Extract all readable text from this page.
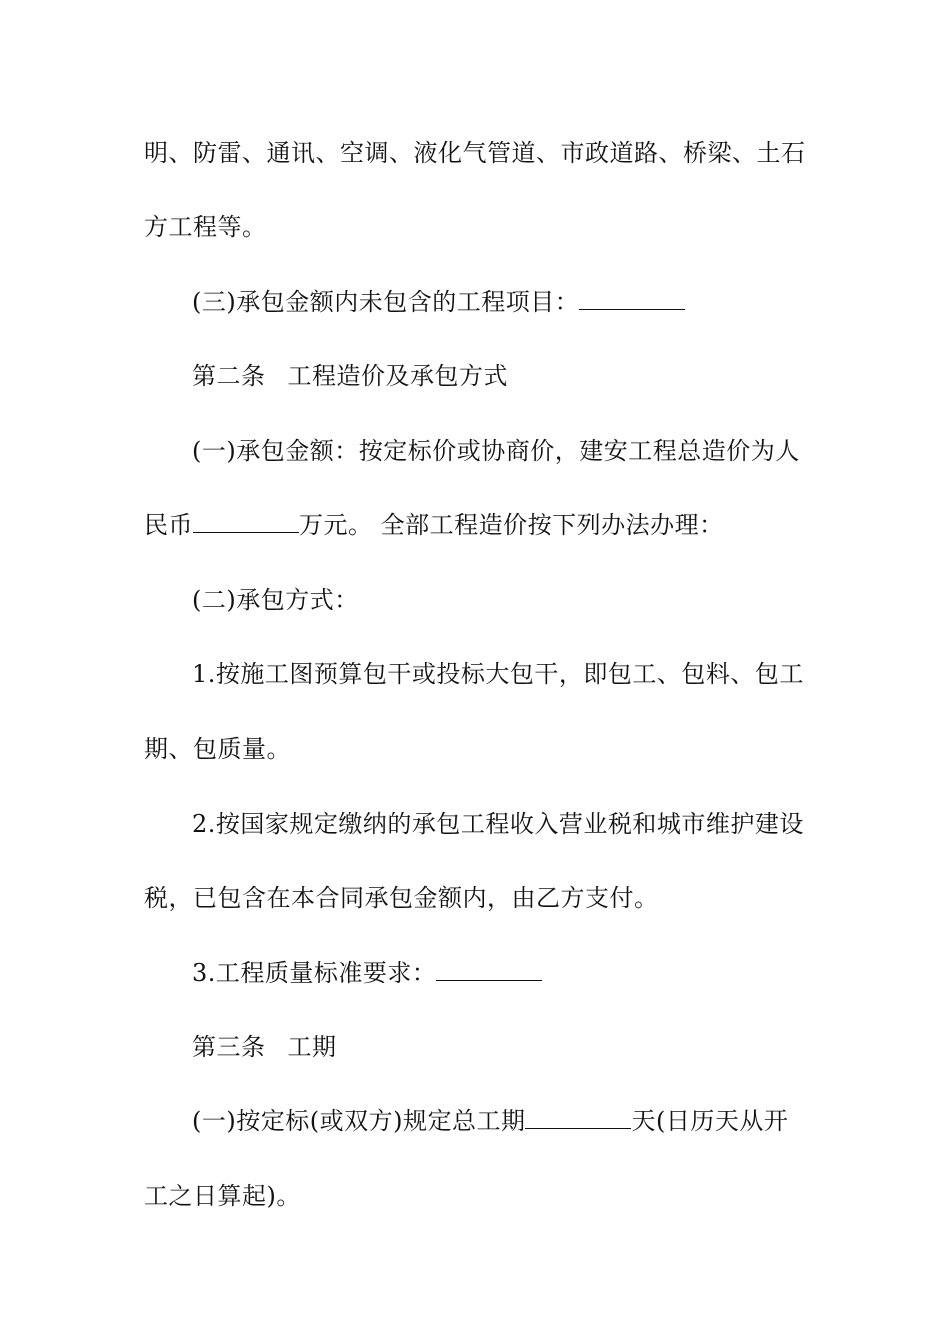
明、防雷、通讯、空调、液化气管道、市政道路、桥梁、土石
方工程等。
(三)承包金额内未包含的工程项目：
第二条 工程造价及承包方式
(一)承包金额：按定标价或协商价，建安工程总造价为人
民币	万元。 全部工程造价按下列办法办理：
(二)承包方式：
1.按施工图预算包干或投标大包干，即包工、包料、包工
期、包质量。
2.按国家规定缴纳的承包工程收入营业税和城市维护建设
税，已包含在本合同承包金额内，由乙方支付。
3.工程质量标准要求：
第三条 工期
(一)按定标(或双方)规定总工期	天(日历天从开
工之日算起)。
